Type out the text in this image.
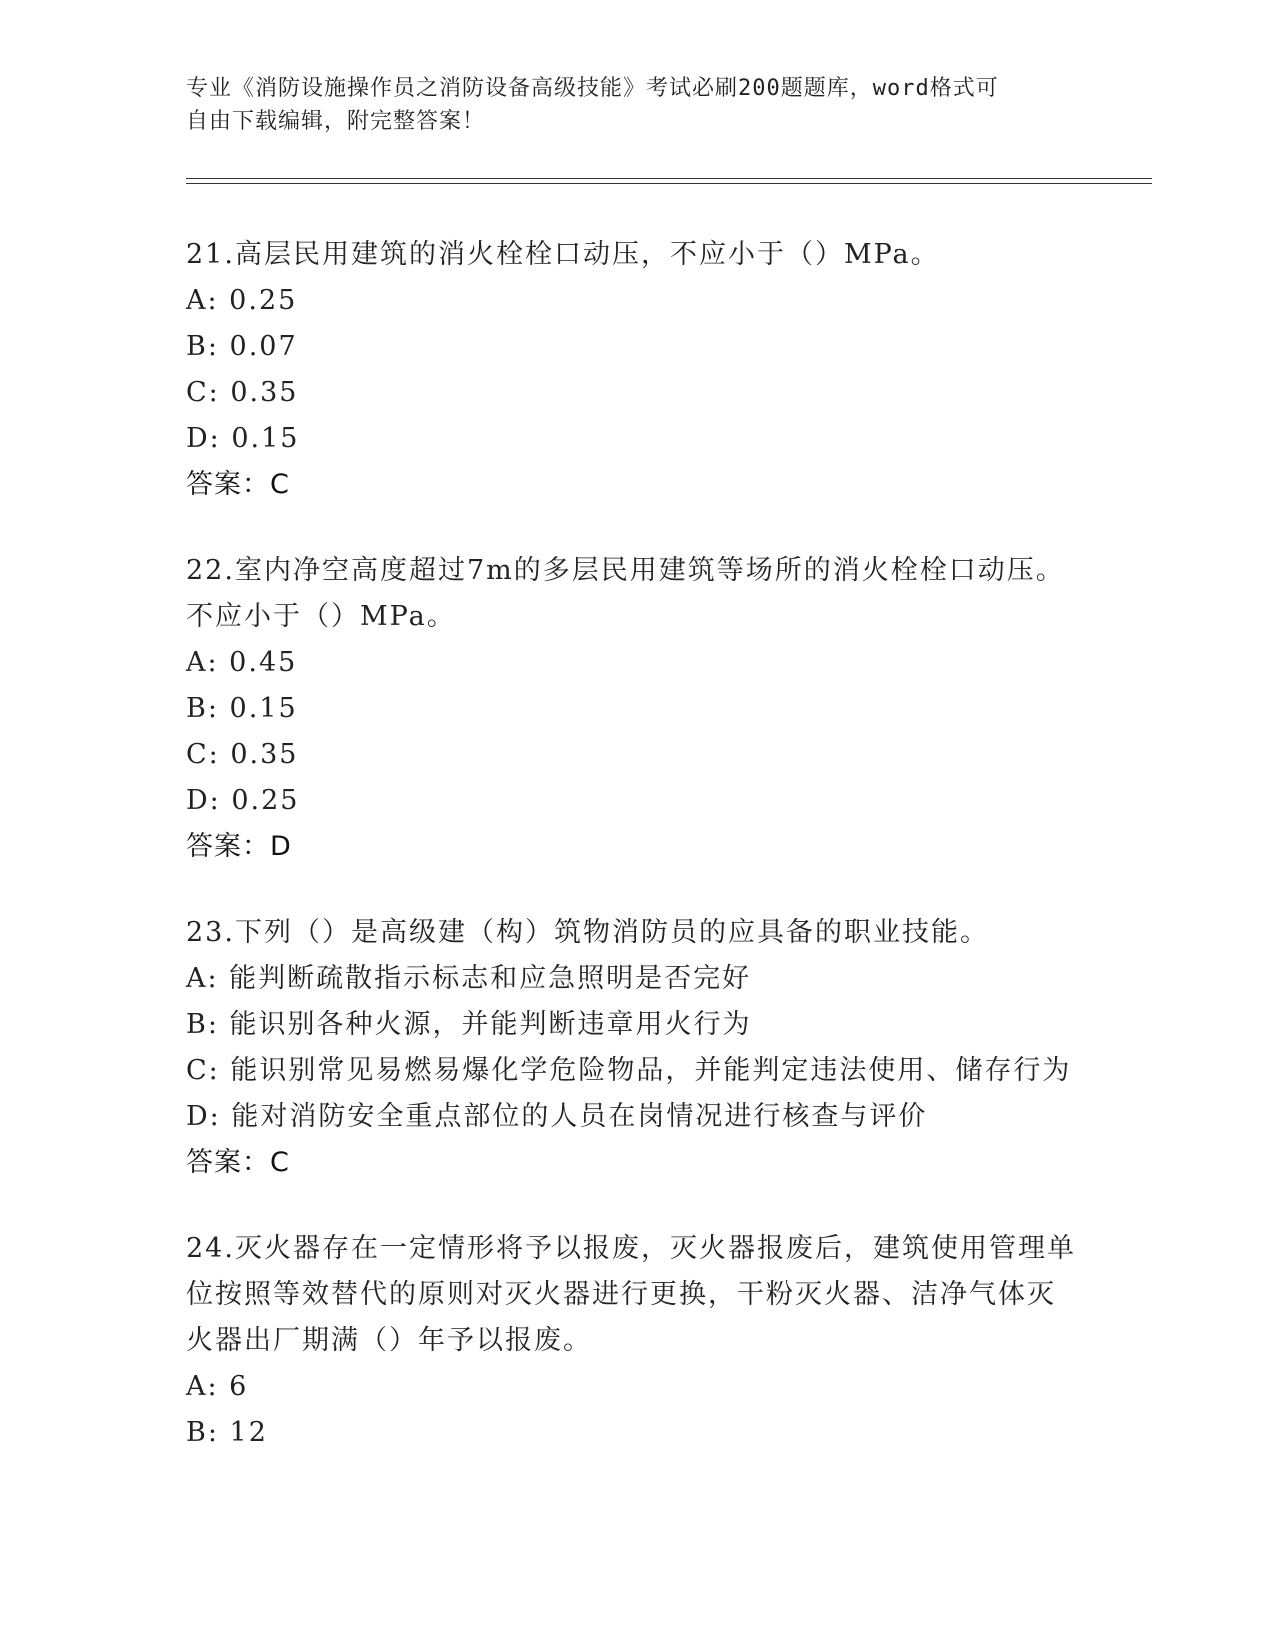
专业《消防设施操作员之消防设备高级技能》考试必刷200题题库，word格式可
自由下载编辑，附完整答案！
21.高层民用建筑的消火栓栓口动压，不应小于（）MPa。
A: 0.25
B: 0.07
C: 0.35
D: 0.15
答案：C
22.室内净空高度超过7m的多层民用建筑等场所的消火栓栓口动压。
不应小于（）MPa。
A: 0.45
B: 0.15
C: 0.35
D: 0.25
答案：D
23.下列（）是高级建（构）筑物消防员的应具备的职业技能。
A: 能判断疏散指示标志和应急照明是否完好
B: 能识别各种火源，并能判断违章用火行为
C: 能识别常见易燃易爆化学危险物品，并能判定违法使用、储存行为
D: 能对消防安全重点部位的人员在岗情况进行核查与评价
答案：C
24.灭火器存在一定情形将予以报废，灭火器报废后，建筑使用管理单
位按照等效替代的原则对灭火器进行更换，干粉灭火器、洁净气体灭
火器出厂期满（）年予以报废。
A: 6
B: 12
